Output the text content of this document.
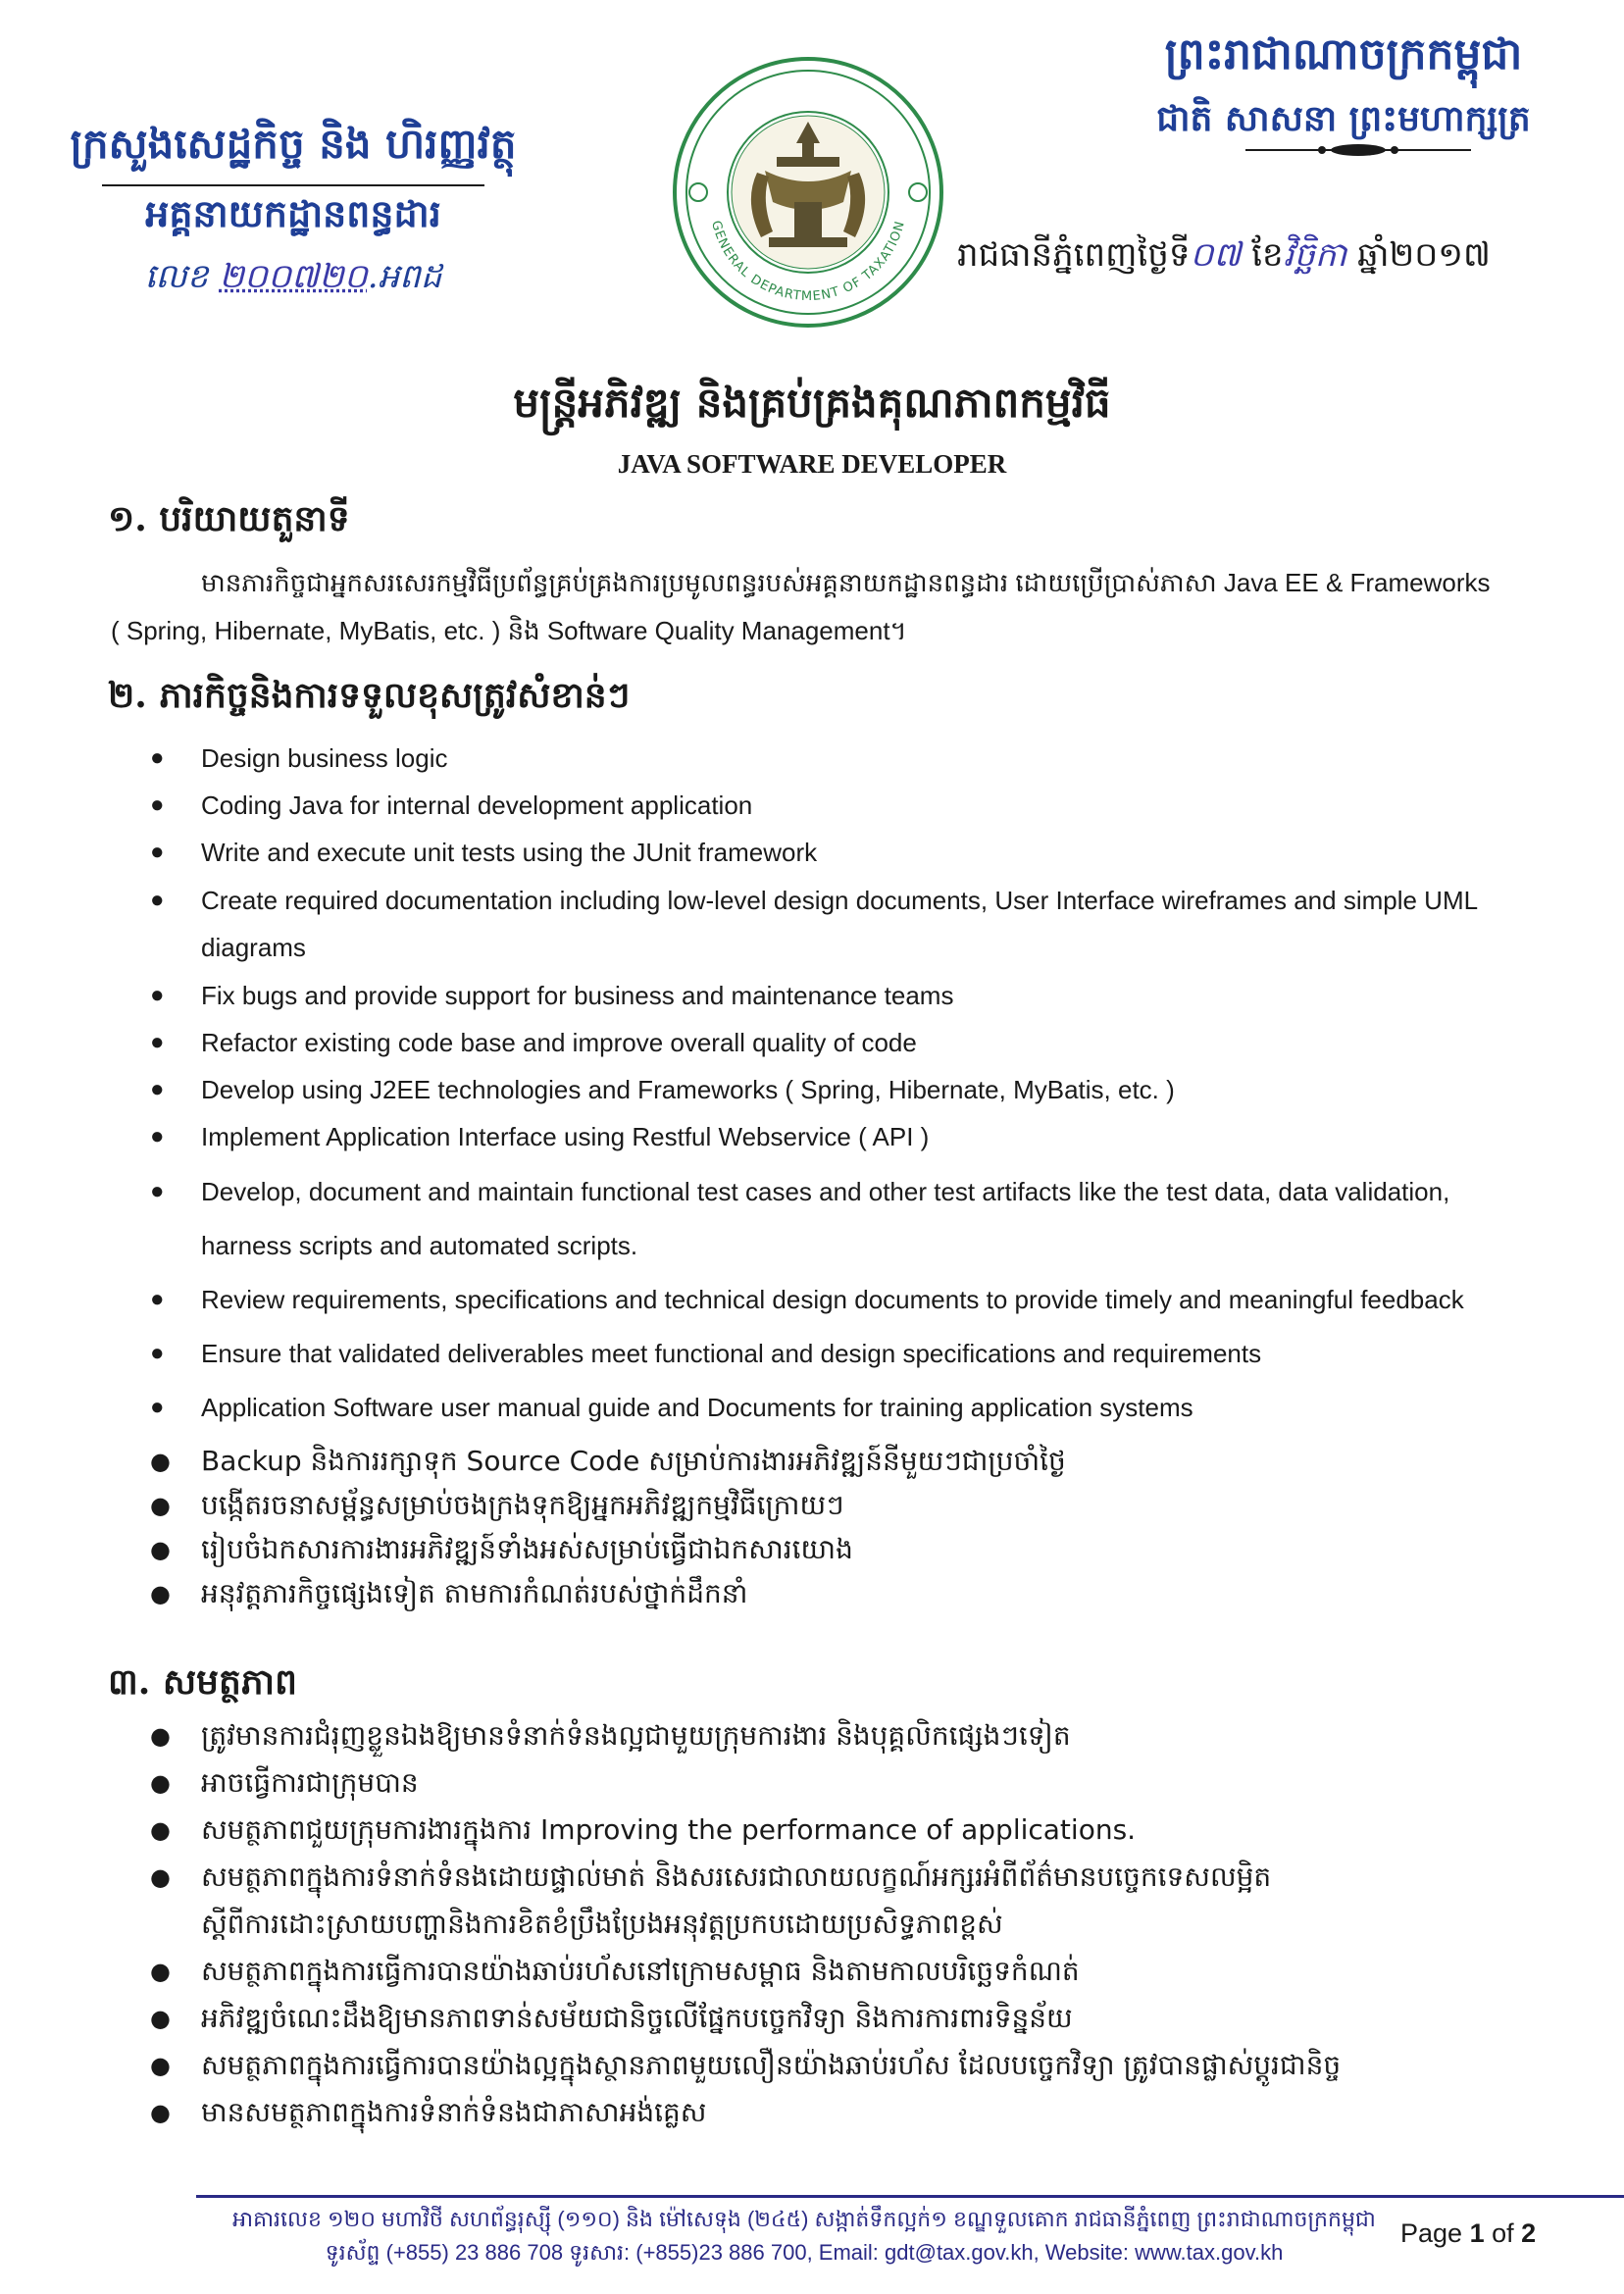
ព្រះរាជាណាចក្រកម្ពុជា
ជាតិ សាសនា ព្រះមហាក្សត្រ
ក្រសួងសេដ្ឋកិច្ច និង ហិរញ្ញវត្ថុ
អគ្គនាយកដ្ឋានពន្ធដារ
លេខ ២០០៧២០.អពដ
GENERAL DEPARTMENT OF TAXATION
រាជធានីភ្នំពេញថ្ងៃទី០៧ ខែវិច្ឆិកា ឆ្នាំ២០១៧
មន្ត្រីអភិវឌ្ឍ និងគ្រប់គ្រងគុណភាពកម្មវិធី
JAVA SOFTWARE DEVELOPER
១. បរិយាយតួនាទី
មានភារកិច្ចជាអ្នកសរសេរកម្មវិធីប្រព័ន្ធគ្រប់គ្រងការប្រមូលពន្ធរបស់អគ្គនាយកដ្ឋានពន្ធដារ ដោយប្រើប្រាស់ភាសា Java EE & Frameworks
( Spring, Hibernate, MyBatis, etc. ) និង Software Quality Management។
២. ភារកិច្ចនិងការទទួលខុសត្រូវសំខាន់ៗ
● Design business logic
● Coding Java for internal development application
● Write and execute unit tests using the JUnit framework
● Create required documentation including low-level design documents, User Interface wireframes and simple UML
diagrams
● Fix bugs and provide support for business and maintenance teams
● Refactor existing code base and improve overall quality of code
● Develop using J2EE technologies and Frameworks ( Spring, Hibernate, MyBatis, etc. )
● Implement Application Interface using Restful Webservice ( API )
● Develop, document and maintain functional test cases and other test artifacts like the test data, data validation,
harness scripts and automated scripts.
● Review requirements, specifications and technical design documents to provide timely and meaningful feedback
● Ensure that validated deliverables meet functional and design specifications and requirements
● Application Software user manual guide and Documents for training application systems
● Backup និងការរក្សាទុក Source Code សម្រាប់ការងារអភិវឌ្ឍន៍នីមួយៗជាប្រចាំថ្ងៃ
● បង្កើតរចនាសម្ព័ន្ធសម្រាប់ចងក្រងទុកឱ្យអ្នកអភិវឌ្ឍកម្មវិធីក្រោយៗ
● រៀបចំឯកសារការងារអភិវឌ្ឍន៍ទាំងអស់សម្រាប់ធ្វើជាឯកសារយោង
● អនុវត្តភារកិច្ចផ្សេងទៀត តាមការកំណត់របស់ថ្នាក់ដឹកនាំ
៣. សមត្ថភាព
● ត្រូវមានការជំរុញខ្លួនឯងឱ្យមានទំនាក់ទំនងល្អជាមួយក្រុមការងារ និងបុគ្គលិកផ្សេងៗទៀត
● អាចធ្វើការជាក្រុមបាន
● សមត្ថភាពជួយក្រុមការងារក្នុងការ Improving the performance of applications.
● សមត្ថភាពក្នុងការទំនាក់ទំនងដោយផ្ទាល់មាត់ និងសរសេរជាលាយលក្ខណ៍អក្សរអំពីព័ត៌មានបច្ចេកទេសលម្អិត
ស្តីពីការដោះស្រាយបញ្ហានិងការខិតខំប្រឹងប្រែងអនុវត្តប្រកបដោយប្រសិទ្ធភាពខ្ពស់
● សមត្ថភាពក្នុងការធ្វើការបានយ៉ាងឆាប់រហ័សនៅក្រោមសម្ពាធ និងតាមកាលបរិច្ឆេទកំណត់
● អភិវឌ្ឍចំណេះដឹងឱ្យមានភាពទាន់សម័យជានិច្ចលើផ្នែកបច្ចេកវិទ្យា និងការការពារទិន្នន័យ
● សមត្ថភាពក្នុងការធ្វើការបានយ៉ាងល្អក្នុងស្ថានភាពមួយលឿនយ៉ាងឆាប់រហ័ស ដែលបច្ចេកវិទ្យា ត្រូវបានផ្លាស់ប្តូរជានិច្ច
● មានសមត្ថភាពក្នុងការទំនាក់ទំនងជាភាសាអង់គ្លេស
អាគារលេខ ១២០ មហាវិថី សហព័ន្ធរុស្ស៊ី (១១០) និង ម៉ៅសេទុង (២៤៥) សង្កាត់ទឹកល្អក់១ ខណ្ឌទួលគោក រាជធានីភ្នំពេញ ព្រះរាជាណាចក្រកម្ពុជា
ទូរស័ព្ទ (+855) 23 886 708 ទូរសារ: (+855)23 886 700, Email: gdt@tax.gov.kh, Website: www.tax.gov.kh
Page 1 of 2
